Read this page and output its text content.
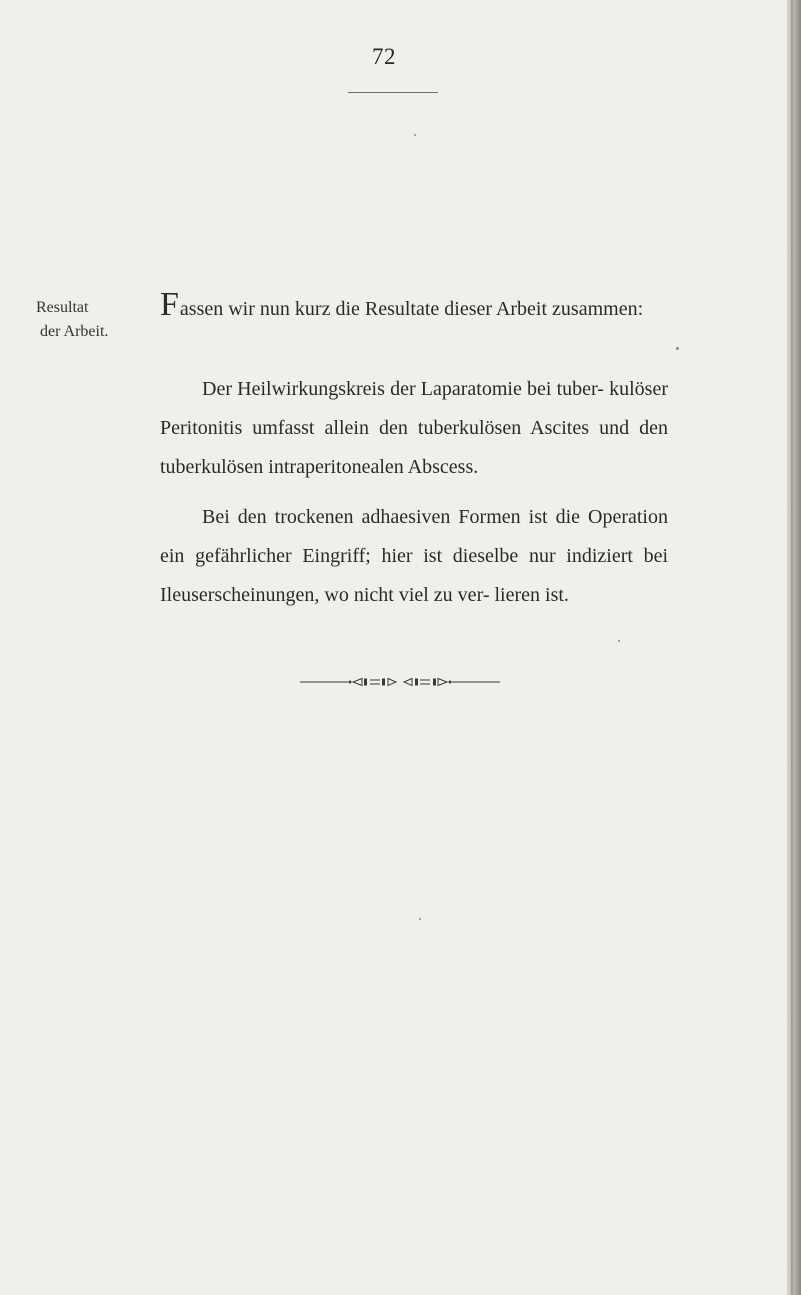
72
Resultat
der Arbeit.
Fassen wir nun kurz die Resultate dieser Arbeit zusammen:
Der Heilwirkungskreis der Laparatomie bei tuber- kulöser Peritonitis umfasst allein den tuberkulösen Ascites und den tuberkulösen intraperitonealen Abscess.
Bei den trockenen adhaesiven Formen ist die Operation ein gefährlicher Eingriff; hier ist dieselbe nur indiziert bei Ileuserscheinungen, wo nicht viel zu ver- lieren ist.
